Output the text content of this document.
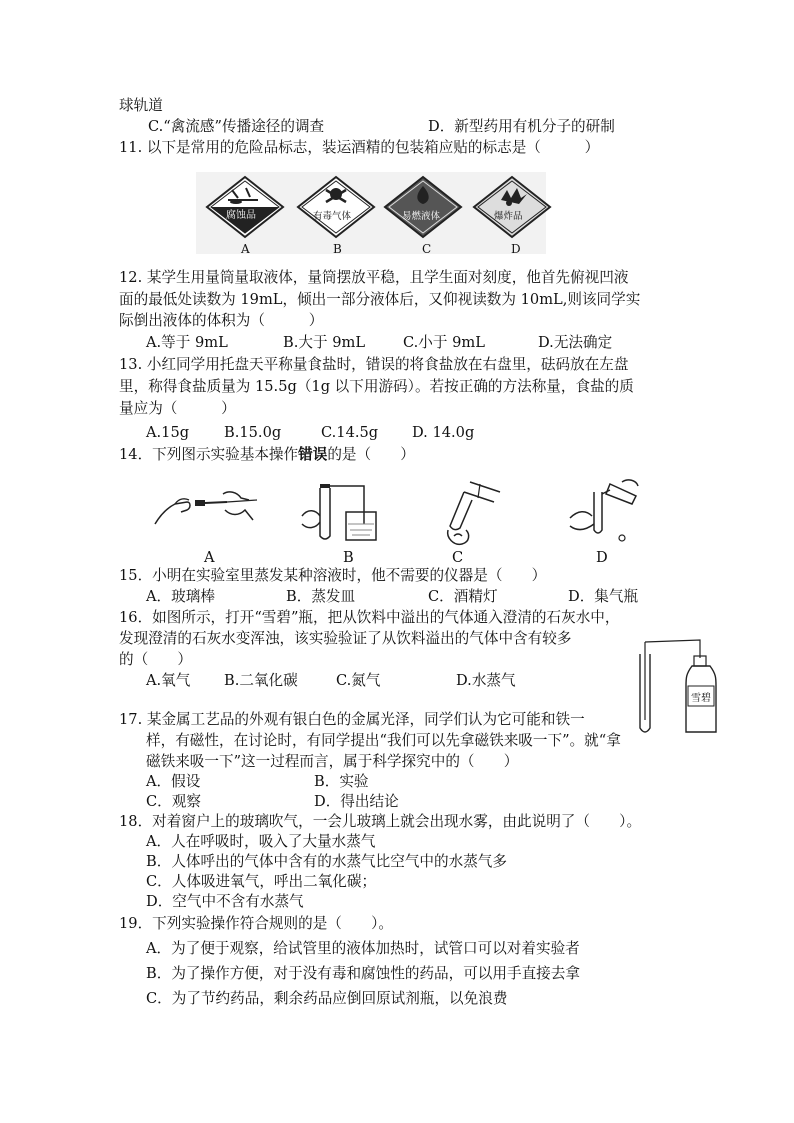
球轨道
C.“禽流感”传播途径的调查	D．新型药用有机分子的研制
11. 以下是常用的危险品标志，装运酒精的包装箱应贴的标志是（　　　）
腐蚀品
A
有毒气体
B
易燃液体
C
爆炸品
D
12. 某学生用量筒量取液体，量筒摆放平稳，且学生面对刻度，他首先俯视凹液
面的最低处读数为 19mL，倾出一部分液体后，又仰视读数为 10mL,则该同学实
际倒出液体的体积为（　　　）
A.等于 9mL	B.大于 9mL	C.小于 9mL	D.无法确定
13. 小红同学用托盘天平称量食盐时，错误的将食盐放在右盘里，砝码放在左盘
里，称得食盐质量为 15.5g（1g 以下用游码）。若按正确的方法称量，食盐的质
量应为（　　　）
A.15g B.15.0g	C.14.5g D. 14.0g
14．下列图示实验基本操作错误的是（　　）
A	B	C	D
15．小明在实验室里蒸发某种溶液时，他不需要的仪器是（　　）
A．玻璃棒	B．蒸发皿	C．酒精灯	D．集气瓶
16．如图所示，打开“雪碧”瓶，把从饮料中溢出的气体通入澄清的石灰水中，
发现澄清的石灰水变浑浊，该实验验证了从饮料溢出的气体中含有较多
的（　　）
A.氧气 B.二氧化碳	C.氮气	D.水蒸气
雪碧
17. 某金属工艺品的外观有银白色的金属光泽，同学们认为它可能和铁一
样，有磁性，在讨论时，有同学提出“我们可以先拿磁铁来吸一下”。就“拿
磁铁来吸一下”这一过程而言，属于科学探究中的（　　）
A．假设	B．实验
C．观察	D．得出结论
18．对着窗户上的玻璃吹气，一会儿玻璃上就会出现水雾，由此说明了（　　）。
A．人在呼吸时，吸入了大量水蒸气
B．人体呼出的气体中含有的水蒸气比空气中的水蒸气多
C．人体吸进氧气，呼出二氧化碳；
D．空气中不含有水蒸气
19．下列实验操作符合规则的是（　　）。
A．为了便于观察，给试管里的液体加热时，试管口可以对着实验者
B．为了操作方便，对于没有毒和腐蚀性的药品，可以用手直接去拿
C．为了节约药品，剩余药品应倒回原试剂瓶，以免浪费
